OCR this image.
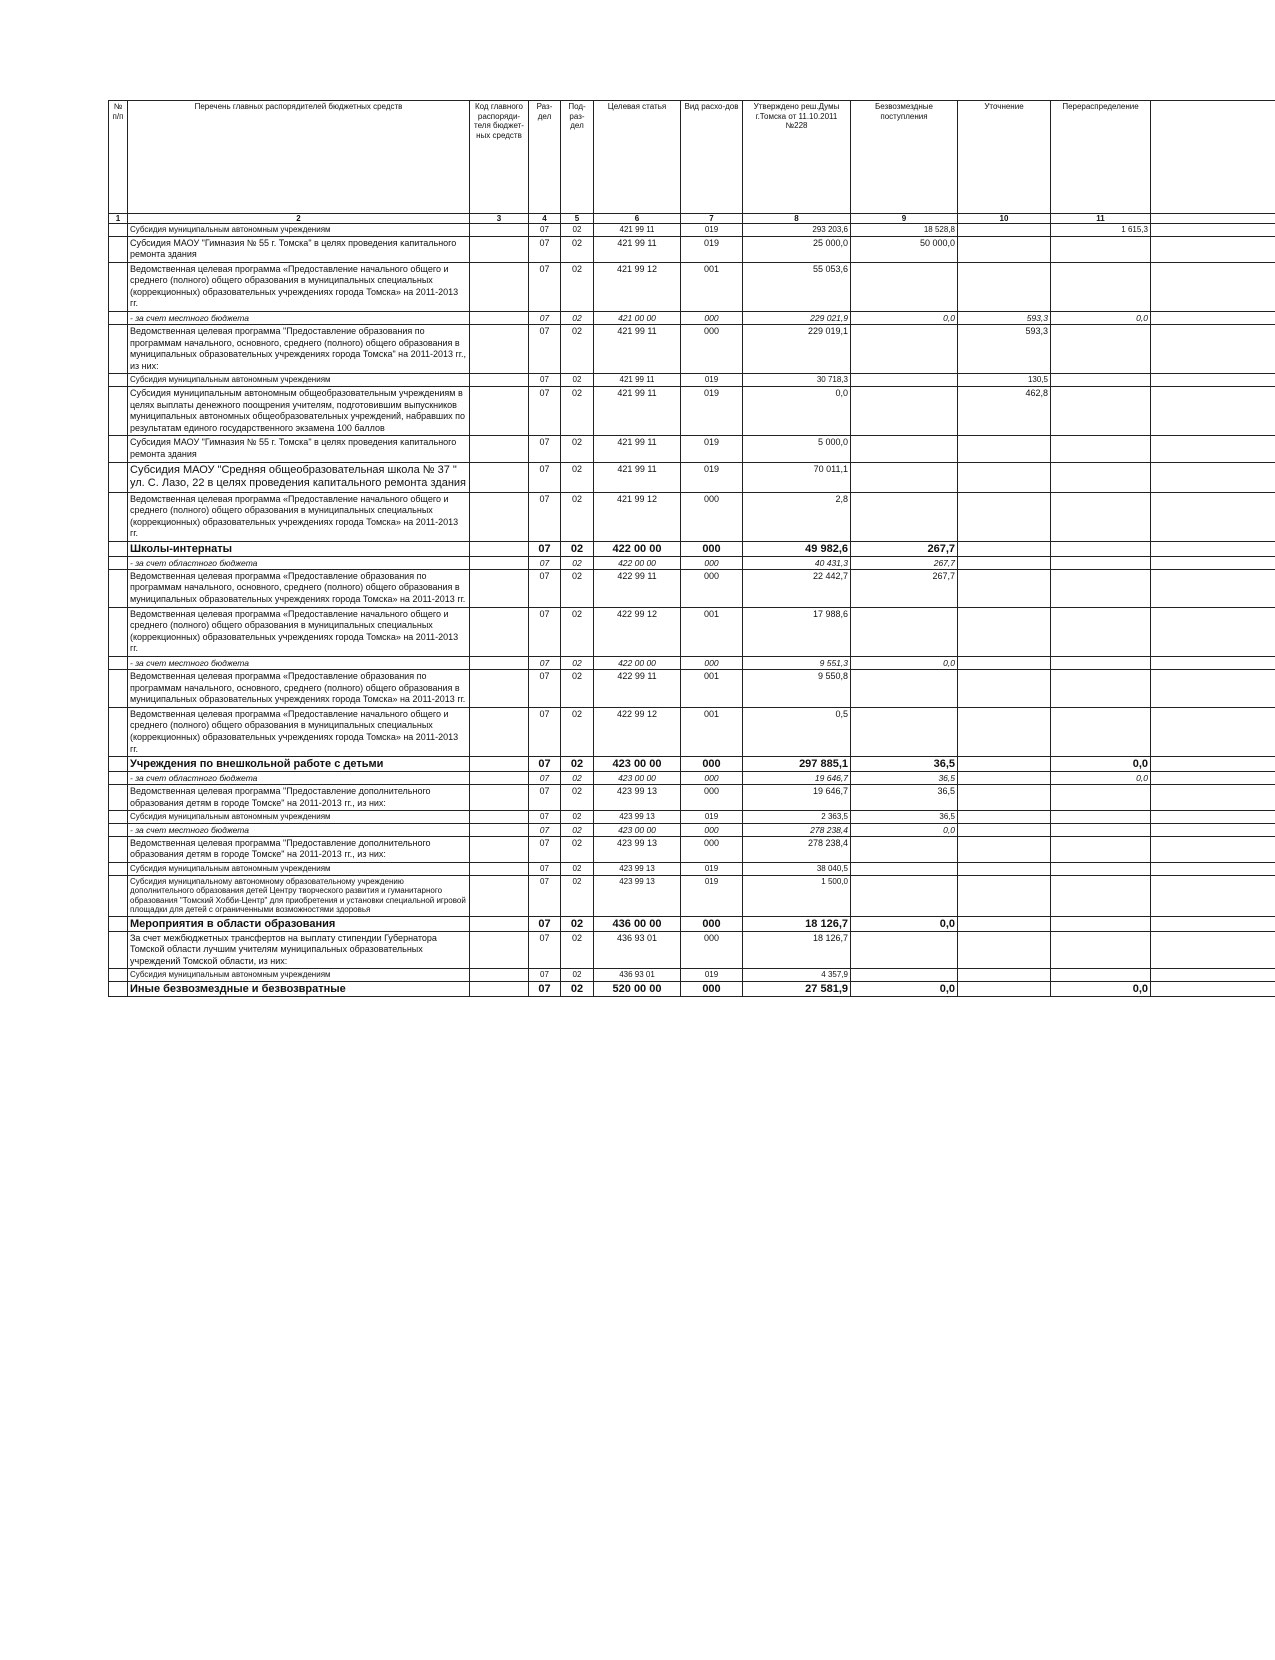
№ п/п	Перечень главных распорядителей бюджетных средств	Код главного распоряди-теля бюджет-ных средств	Раз-дел	Под-раз-дел	Целевая статья	Вид расхо-дов	Утверждено реш.Думы г.Томска от 11.10.2011 №228	Безвозмездные поступления	Уточнение	Перераспределение	
1	2	3	4	5	6	7	8	9	10	11	
	Субсидия муниципальным автономным учреждениям		07	02	421 99 11	019	293 203,6	18 528,8		1 615,3	
	Субсидия МАОУ "Гимназия № 55 г. Томска" в целях проведения капитального ремонта здания		07	02	421 99 11	019	25 000,0	50 000,0			
	Ведомственная целевая программа «Предоставление начального общего и среднего (полного) общего образования в муниципальных специальных (коррекционных) образовательных учреждениях города Томска» на 2011-2013 гг.		07	02	421 99 12	001	55 053,6				
	- за счет местного бюджета		07	02	421 00 00	000	229 021,9	0,0	593,3	0,0	
	Ведомственная целевая программа "Предоставление образования по программам начального, основного, среднего (полного) общего образования в муниципальных образовательных учреждениях города Томска" на 2011-2013 гг., из них:		07	02	421 99 11	000	229 019,1		593,3		
	Субсидия муниципальным автономным учреждениям		07	02	421 99 11	019	30 718,3		130,5		
	Субсидия муниципальным автономным общеобразовательным учреждениям в целях выплаты денежного поощрения учителям, подготовившим выпускников муниципальных автономных общеобразовательных учреждений, набравших по результатам единого государственного экзамена 100 баллов		07	02	421 99 11	019	0,0		462,8		
	Субсидия МАОУ "Гимназия № 55 г. Томска" в целях проведения капитального ремонта здания		07	02	421 99 11	019	5 000,0				
	Субсидия МАОУ "Средняя общеобразовательная школа № 37 " ул. С. Лазо, 22 в целях проведения капитального ремонта здания		07	02	421 99 11	019	70 011,1				
	Ведомственная целевая программа «Предоставление начального общего и среднего (полного) общего образования в муниципальных специальных (коррекционных) образовательных учреждениях города Томска» на 2011-2013 гг.		07	02	421 99 12	000	2,8				
	Школы-интернаты		07	02	422 00 00	000	49 982,6	267,7			
	- за счет областного бюджета		07	02	422 00 00	000	40 431,3	267,7			
	Ведомственная целевая программа «Предоставление образования по программам начального, основного, среднего (полного) общего образования в муниципальных образовательных учреждениях города Томска» на 2011-2013 гг.		07	02	422 99 11	000	22 442,7	267,7			
	Ведомственная целевая программа «Предоставление начального общего и среднего (полного) общего образования в муниципальных специальных (коррекционных) образовательных учреждениях города Томска» на 2011-2013 гг.		07	02	422 99 12	001	17 988,6				
	- за счет местного бюджета		07	02	422 00 00	000	9 551,3	0,0			
	Ведомственная целевая программа «Предоставление образования по программам начального, основного, среднего (полного) общего образования в муниципальных образовательных учреждениях города Томска» на 2011-2013 гг.		07	02	422 99 11	001	9 550,8				
	Ведомственная целевая программа «Предоставление начального общего и среднего (полного) общего образования в муниципальных специальных (коррекционных) образовательных учреждениях города Томска» на 2011-2013 гг.		07	02	422 99 12	001	0,5				
	Учреждения по внешкольной работе с детьми		07	02	423 00 00	000	297 885,1	36,5		0,0	
	- за счет областного бюджета		07	02	423 00 00	000	19 646,7	36,5		0,0	
	Ведомственная целевая программа "Предоставление дополнительного образования детям в городе Томске" на 2011-2013 гг., из них:		07	02	423 99 13	000	19 646,7	36,5			
	Субсидия муниципальным автономным учреждениям		07	02	423 99 13	019	2 363,5	36,5			
	- за счет местного бюджета		07	02	423 00 00	000	278 238,4	0,0			
	Ведомственная целевая программа "Предоставление дополнительного образования детям в городе Томске" на 2011-2013 гг., из них:		07	02	423 99 13	000	278 238,4				
	Субсидия муниципальным автономным учреждениям		07	02	423 99 13	019	38 040,5				
	Субсидия муниципальному автономному образовательному учреждению дополнительного образования детей Центру творческого развития и гуманитарного образования "Томский Хобби-Центр" для приобретения и установки специальной игровой площадки для детей с ограниченными возможностями здоровья		07	02	423 99 13	019	1 500,0				
	Мероприятия в области образования		07	02	436 00 00	000	18 126,7	0,0			
	За счет межбюджетных трансфертов на выплату стипендии Губернатора Томской области лучшим учителям муниципальных образовательных учреждений Томской области, из них:		07	02	436 93 01	000	18 126,7				
	Субсидия муниципальным автономным учреждениям		07	02	436 93 01	019	4 357,9				
	Иные безвозмездные и безвозвратные		07	02	520 00 00	000	27 581,9	0,0		0,0	
